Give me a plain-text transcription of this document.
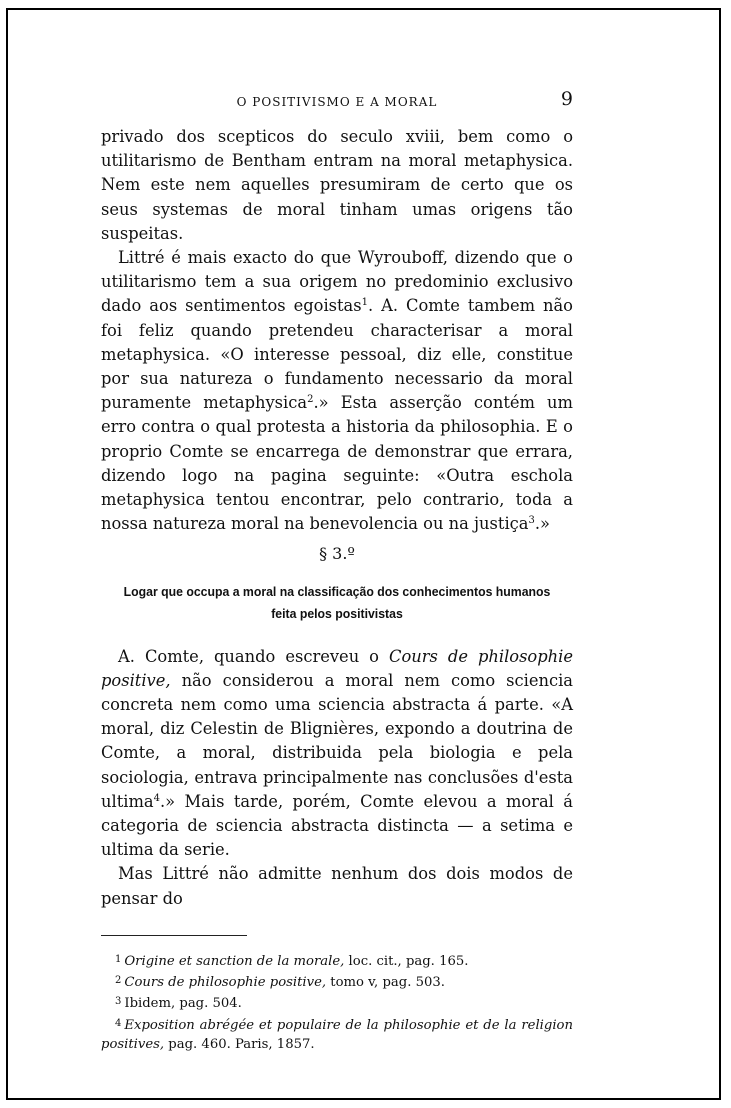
O POSITIVISMO E A MORAL	9

privado dos scepticos do seculo xviii, bem como o utilitarismo de Bentham entram na moral metaphysica. Nem este nem aquelles presumiram de certo que os seus systemas de moral tinham umas origens tão suspeitas.

Littré é mais exacto do que Wyrouboff, dizendo que o utilitarismo tem a sua origem no predominio exclusivo dado aos sentimentos egoistas$^1$. A. Comte tambem não foi feliz quando pretendeu characterisar a moral metaphysica. «O interesse pessoal, diz elle, constitue por sua natureza o fundamento necessario da moral puramente metaphysica$^2$.» Esta asserção contém um erro contra o qual protesta a historia da philosophia. E o proprio Comte se encarrega de demonstrar que errara, dizendo logo na pagina seguinte: «Outra eschola metaphysica tentou encontrar, pelo contrario, toda a nossa natureza moral na benevolencia ou na justiça$^3$.»

§ 3.º
Logar que occupa a moral na classificação dos conhecimentos humanos
feita pelos positivistas

A. Comte, quando escreveu o Cours de philosophie positive, não considerou a moral nem como sciencia concreta nem como uma sciencia abstracta á parte. «A moral, diz Celestin de Blignières, expondo a doutrina de Comte, a moral, distribuida pela biologia e pela sociologia, entrava principalmente nas conclusões d'esta ultima$^4$.» Mais tarde, porém, Comte elevou a moral á categoria de sciencia abstracta distincta — a setima e ultima da serie.

Mas Littré não admitte nenhum dos dois modos de pensar do

$^1$ Origine et sanction de la morale, loc. cit., pag. 165.
$^2$ Cours de philosophie positive, tomo v, pag. 503.
$^3$ Ibidem, pag. 504.
$^4$ Exposition abrégée et populaire de la philosophie et de la religion positives, pag. 460. Paris, 1857.
